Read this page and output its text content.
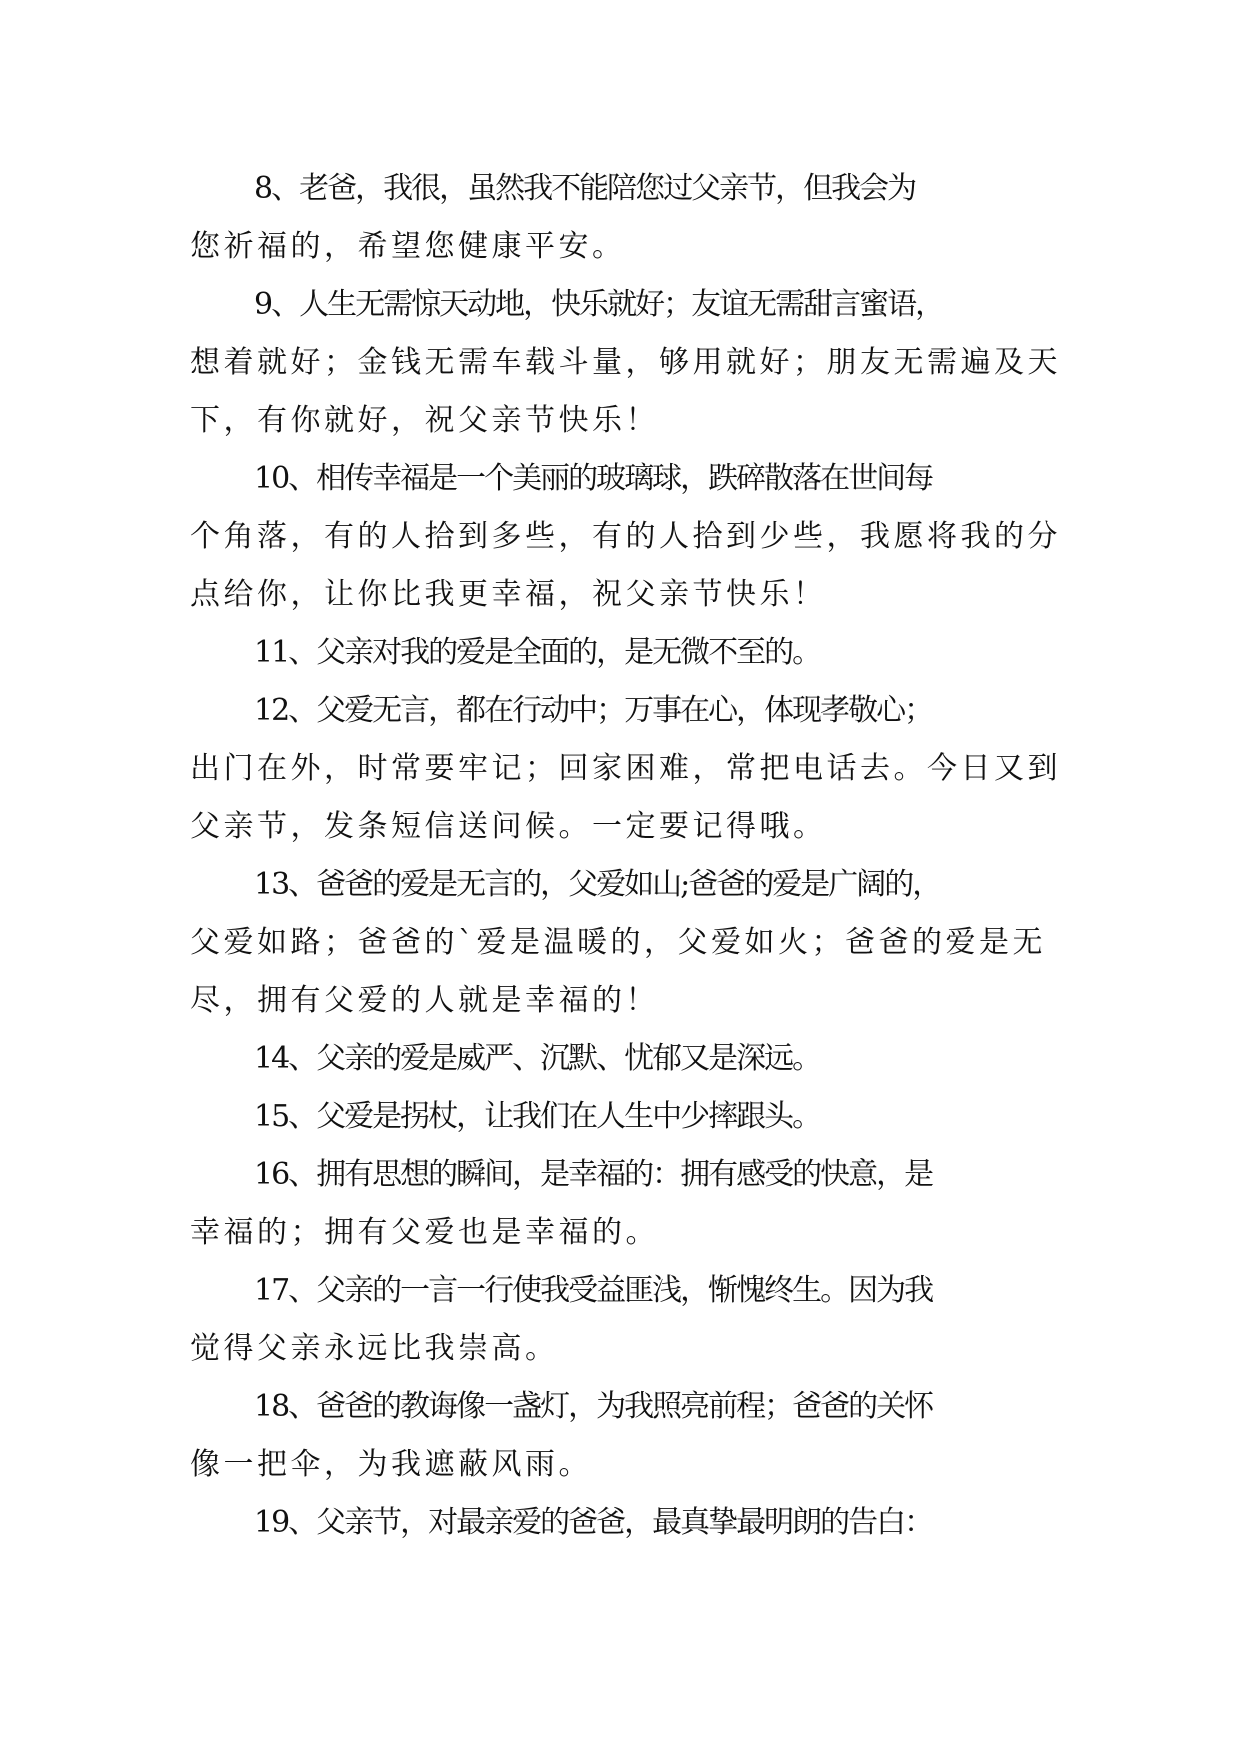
8、老爸，我很，虽然我不能陪您过父亲节，但我会为
您祈福的，希望您健康平安。

9、人生无需惊天动地，快乐就好；友谊无需甜言蜜语，
想着就好；金钱无需车载斗量，够用就好；朋友无需遍及天
下，有你就好，祝父亲节快乐！

10、相传幸福是一个美丽的玻璃球，跌碎散落在世间每
个角落，有的人拾到多些，有的人拾到少些，我愿将我的分
点给你，让你比我更幸福，祝父亲节快乐！

11、父亲对我的爱是全面的，是无微不至的。

12、父爱无言，都在行动中；万事在心，体现孝敬心；
出门在外，时常要牢记；回家困难，常把电话去。今日又到
父亲节，发条短信送问候。一定要记得哦。

13、爸爸的爱是无言的，父爱如山;爸爸的爱是广阔的，
父爱如路；爸爸的`爱是温暖的，父爱如火；爸爸的爱是无
尽，拥有父爱的人就是幸福的！

14、父亲的爱是威严、沉默、忧郁又是深远。

15、父爱是拐杖，让我们在人生中少摔跟头。

16、拥有思想的瞬间，是幸福的：拥有感受的快意，是
幸福的；拥有父爱也是幸福的。

17、父亲的一言一行使我受益匪浅，惭愧终生。因为我
觉得父亲永远比我崇高。

18、爸爸的教诲像一盏灯，为我照亮前程；爸爸的关怀
像一把伞，为我遮蔽风雨。

19、父亲节，对最亲爱的爸爸，最真挚最明朗的告白：
